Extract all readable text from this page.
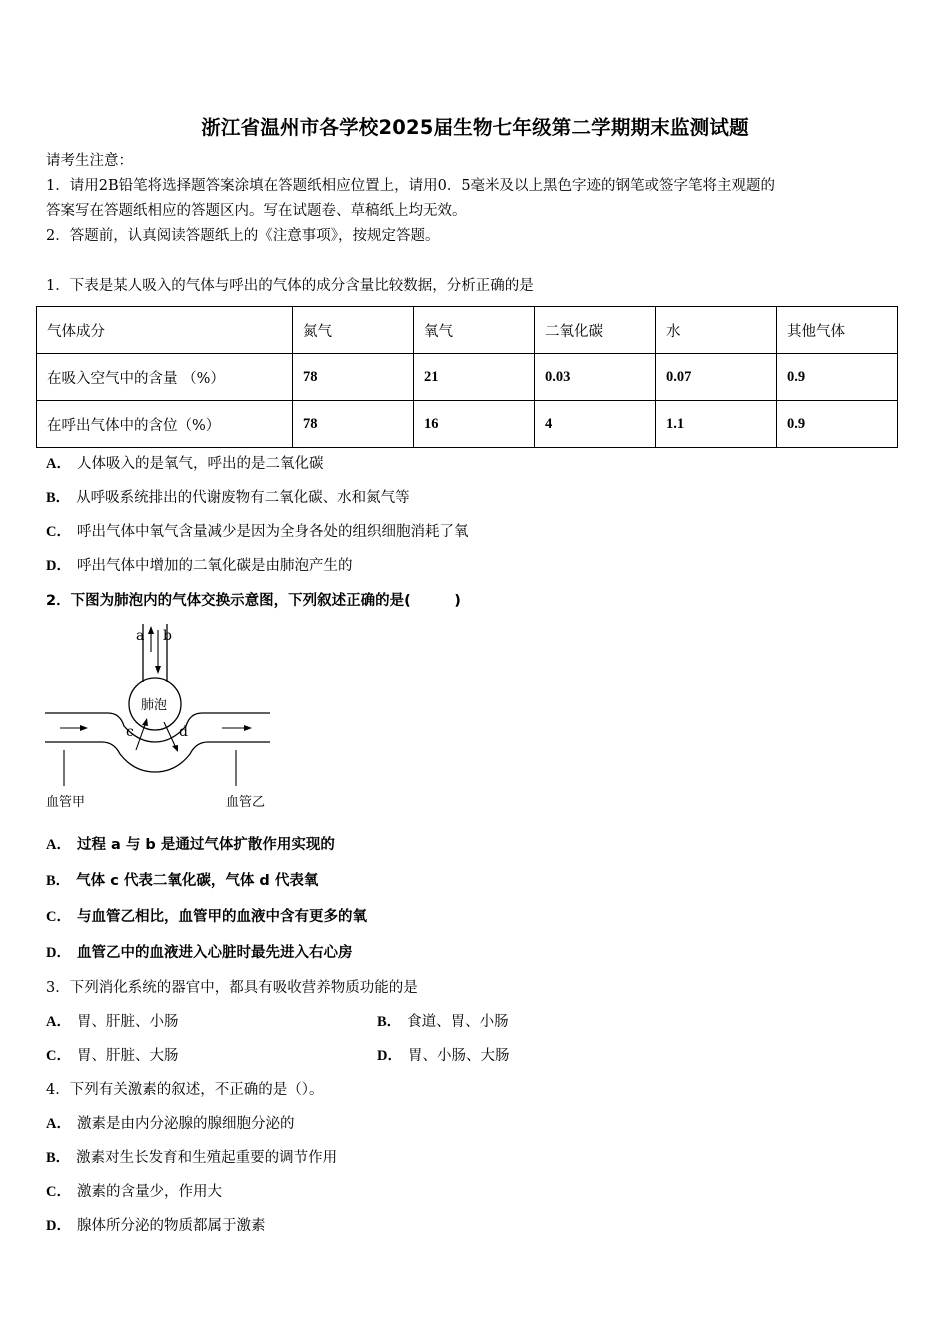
浙江省温州市各学校2025届生物七年级第二学期期末监测试题
请考生注意：
1．请用2B铅笔将选择题答案涂填在答题纸相应位置上，请用0．5毫米及以上黑色字迹的钢笔或签字笔将主观题的
答案写在答题纸相应的答题区内。写在试题卷、草稿纸上均无效。
2．答题前，认真阅读答题纸上的《注意事项》，按规定答题。
1．下表是某人吸入的气体与呼出的气体的成分含量比较数据，分析正确的是
气体成分	氮气	氧气	二氧化碳	水	其他气体
在吸入空气中的含量 （%）	78	21	0.03	0.07	0.9
在呼出气体中的含位（%）	78	16	4	1.1	0.9
A． 人体吸入的是氧气，呼出的是二氧化碳
B． 从呼吸系统排出的代谢废物有二氧化碳、水和氮气等
C． 呼出气体中氧气含量减少是因为全身各处的组织细胞消耗了氧
D． 呼出气体中增加的二氧化碳是由肺泡产生的
2．下图为肺泡内的气体交换示意图，下列叙述正确的是(　　　)
a b
肺泡
c	d
血管甲	血管乙
A． 过程 a 与 b 是通过气体扩散作用实现的
B． 气体 c 代表二氧化碳，气体 d 代表氧
C． 与血管乙相比，血管甲的血液中含有更多的氧
D． 血管乙中的血液进入心脏时最先进入右心房
3．下列消化系统的器官中，都具有吸收营养物质功能的是
A． 胃、肝脏、小肠	B． 食道、胃、小肠
C． 胃、肝脏、大肠	D． 胃、小肠、大肠
4．下列有关激素的叙述，不正确的是（）。
A． 激素是由内分泌腺的腺细胞分泌的
B． 激素对生长发育和生殖起重要的调节作用
C． 激素的含量少，作用大
D． 腺体所分泌的物质都属于激素
